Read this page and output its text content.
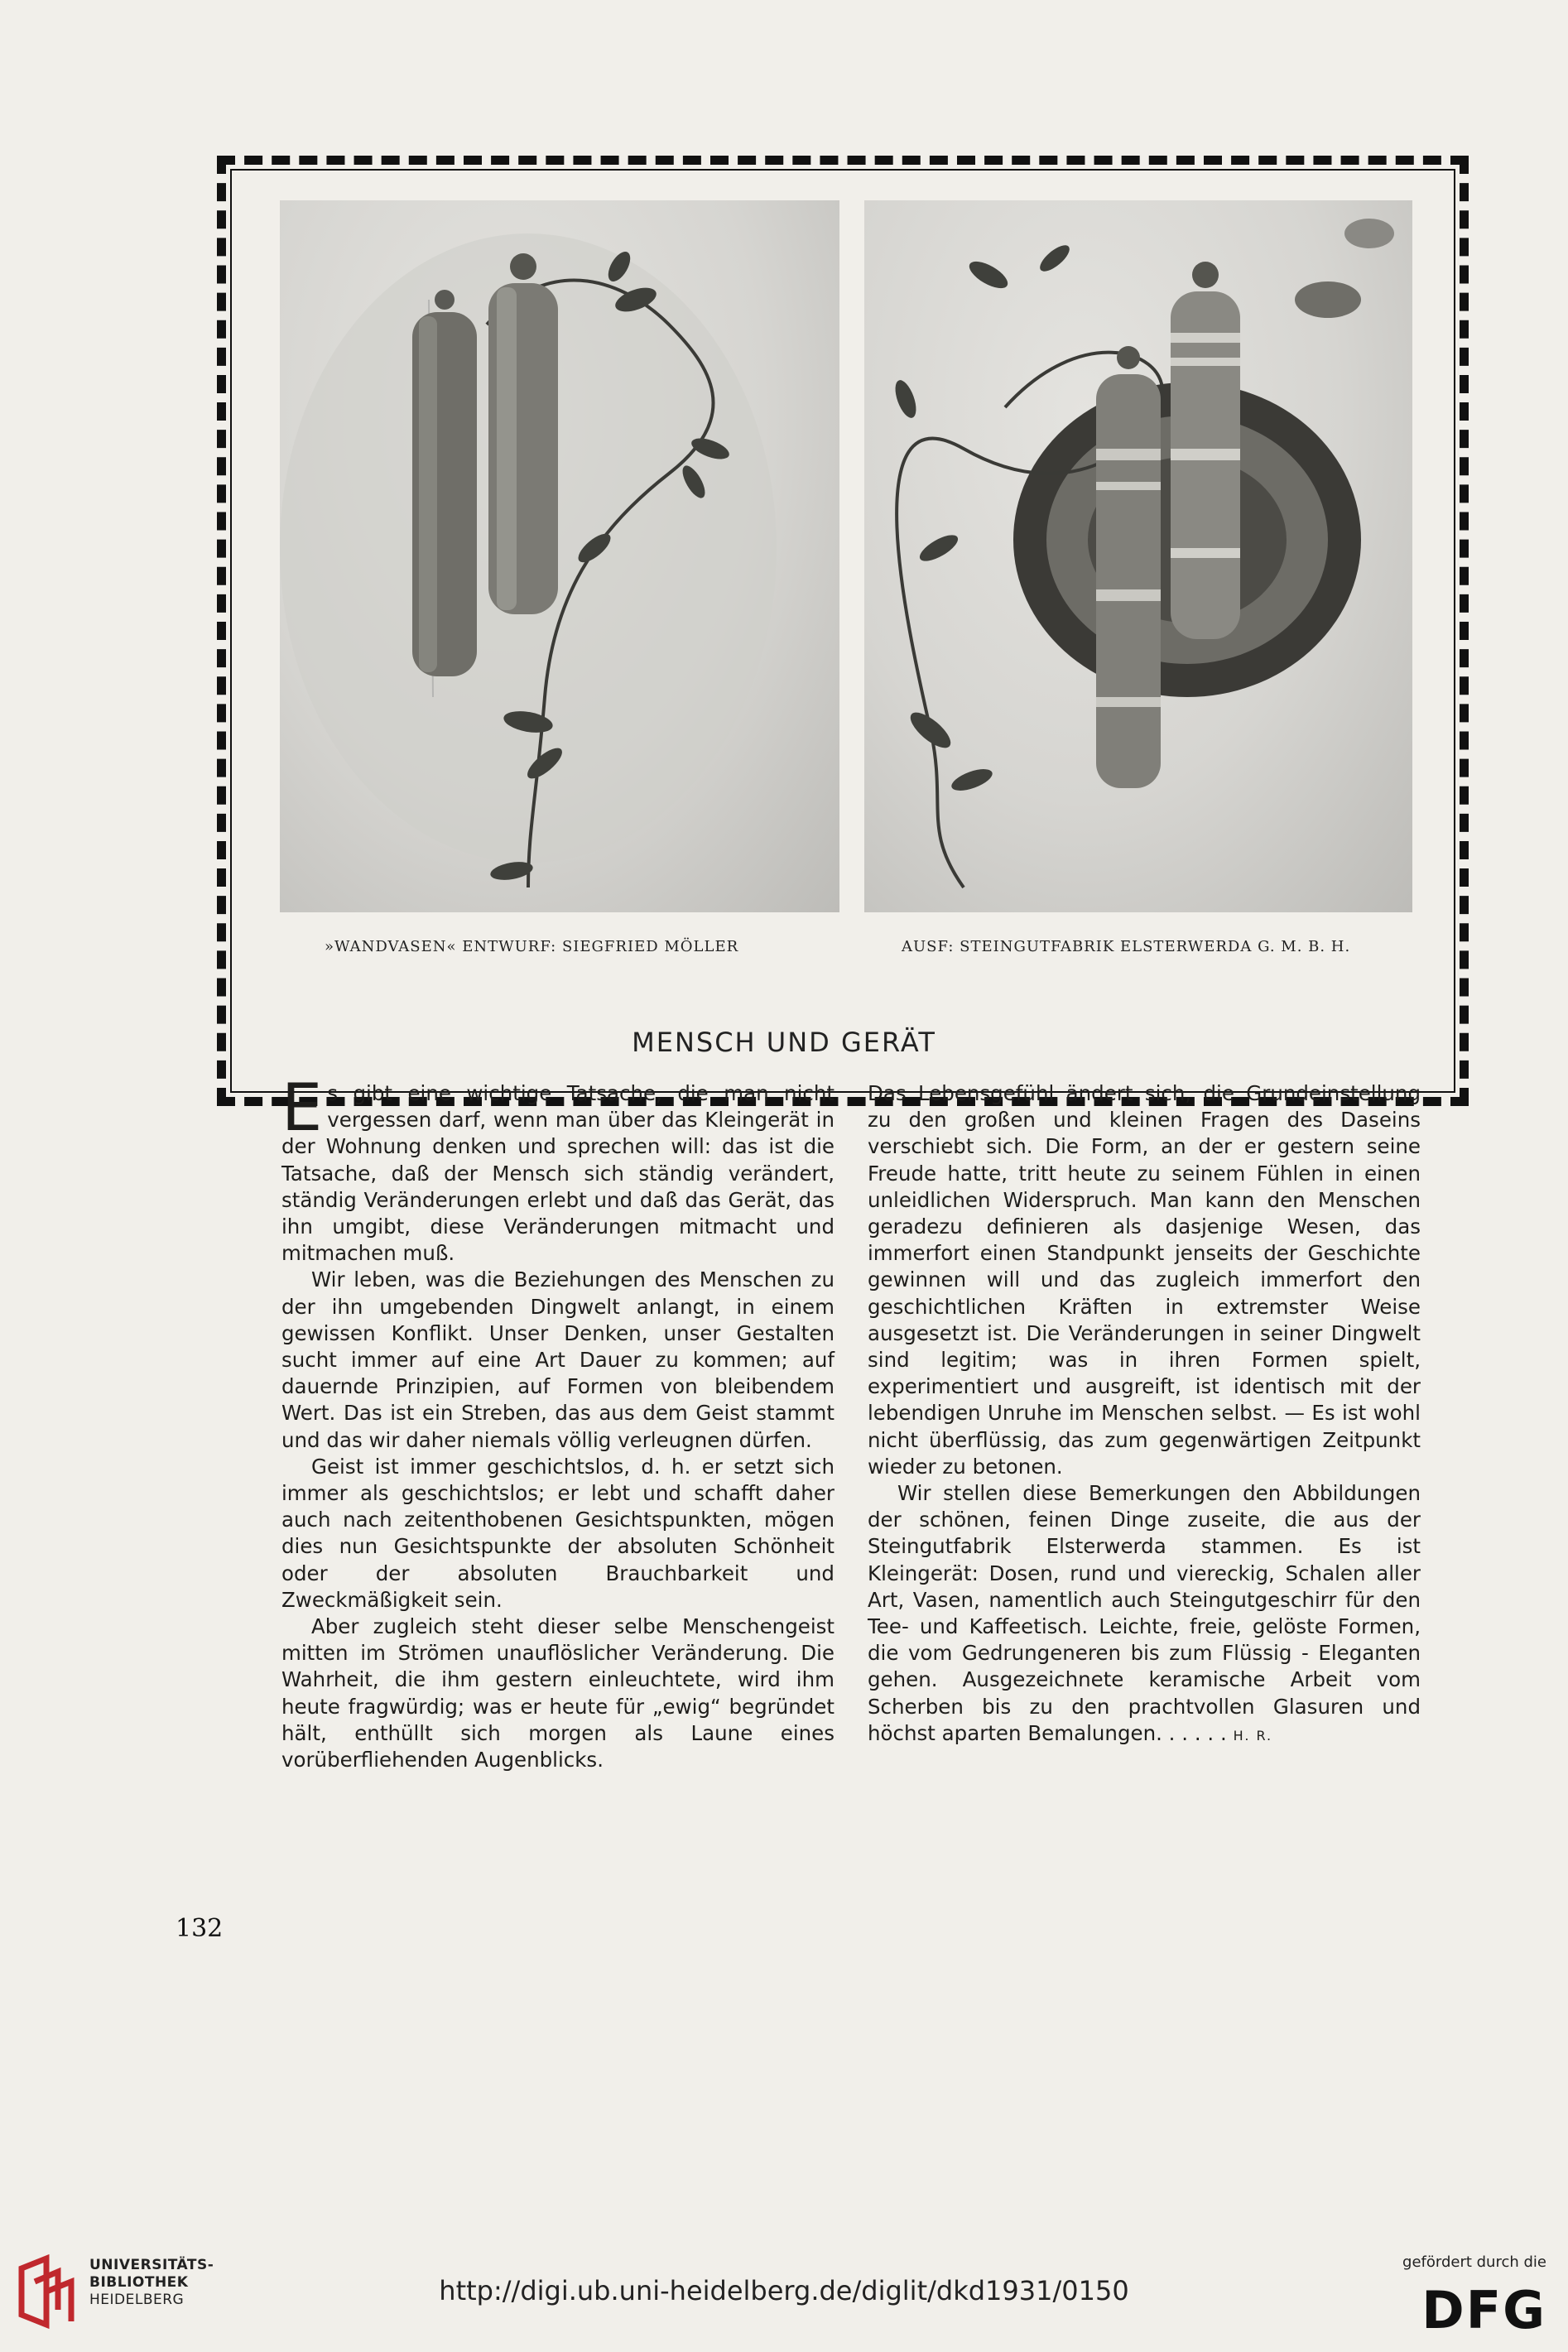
»WANDVASEN« ENTWURF: SIEGFRIED MÖLLER	AUSF: STEINGUTFABRIK ELSTERWERDA G. M. B. H.
MENSCH UND GERÄT

Es gibt eine wichtige Tatsache, die man nicht vergessen darf, wenn man über das Kleingerät in der Wohnung denken und sprechen will: das ist die Tatsache, daß der Mensch sich ständig verändert, ständig Veränderungen erlebt und daß das Gerät, das ihn umgibt, diese Veränderungen mitmacht und mitmachen muß.

Wir leben, was die Beziehungen des Menschen zu der ihn umgebenden Dingwelt anlangt, in einem gewissen Konflikt. Unser Denken, unser Gestalten sucht immer auf eine Art Dauer zu kommen; auf dauernde Prinzipien, auf Formen von bleibendem Wert. Das ist ein Streben, das aus dem Geist stammt und das wir daher niemals völlig verleugnen dürfen.

Geist ist immer geschichtslos, d. h. er setzt sich immer als geschichtslos; er lebt und schafft daher auch nach zeitenthobenen Gesichtspunkten, mögen dies nun Gesichtspunkte der absoluten Schönheit oder der absoluten Brauchbarkeit und Zweckmäßigkeit sein.

Aber zugleich steht dieser selbe Menschengeist mitten im Strömen unauflöslicher Veränderung. Die Wahrheit, die ihm gestern einleuchtete, wird ihm heute fragwürdig; was er heute für „ewig“ begründet hält, enthüllt sich morgen als Laune eines vorüberfliehenden Augenblicks.

Das Lebensgefühl ändert sich, die Grundeinstellung zu den großen und kleinen Fragen des Daseins verschiebt sich. Die Form, an der er gestern seine Freude hatte, tritt heute zu seinem Fühlen in einen unleidlichen Widerspruch. Man kann den Menschen geradezu definieren als dasjenige Wesen, das immerfort einen Standpunkt jenseits der Geschichte gewinnen will und das zugleich immerfort den geschichtlichen Kräften in extremster Weise ausgesetzt ist. Die Veränderungen in seiner Dingwelt sind legitim; was in ihren Formen spielt, experimentiert und ausgreift, ist identisch mit der lebendigen Unruhe im Menschen selbst. — Es ist wohl nicht überflüssig, das zum gegenwärtigen Zeitpunkt wieder zu betonen.

Wir stellen diese Bemerkungen den Abbildungen der schönen, feinen Dinge zuseite, die aus der Steingutfabrik Elsterwerda stammen. Es ist Kleingerät: Dosen, rund und viereckig, Schalen aller Art, Vasen, namentlich auch Steingutgeschirr für den Tee- und Kaffeetisch. Leichte, freie, gelöste Formen, die vom Gedrungeneren bis zum Flüssig - Eleganten gehen. Ausgezeichnete keramische Arbeit vom Scherben bis zu den prachtvollen Glasuren und höchst aparten Bemalungen. . . . . . H. R.

132
UNIVERSITÄTS-
BIBLIOTHEK
HEIDELBERG	http://digi.ub.uni-heidelberg.de/diglit/dkd1931/0150
gefördert durch die
DFG
